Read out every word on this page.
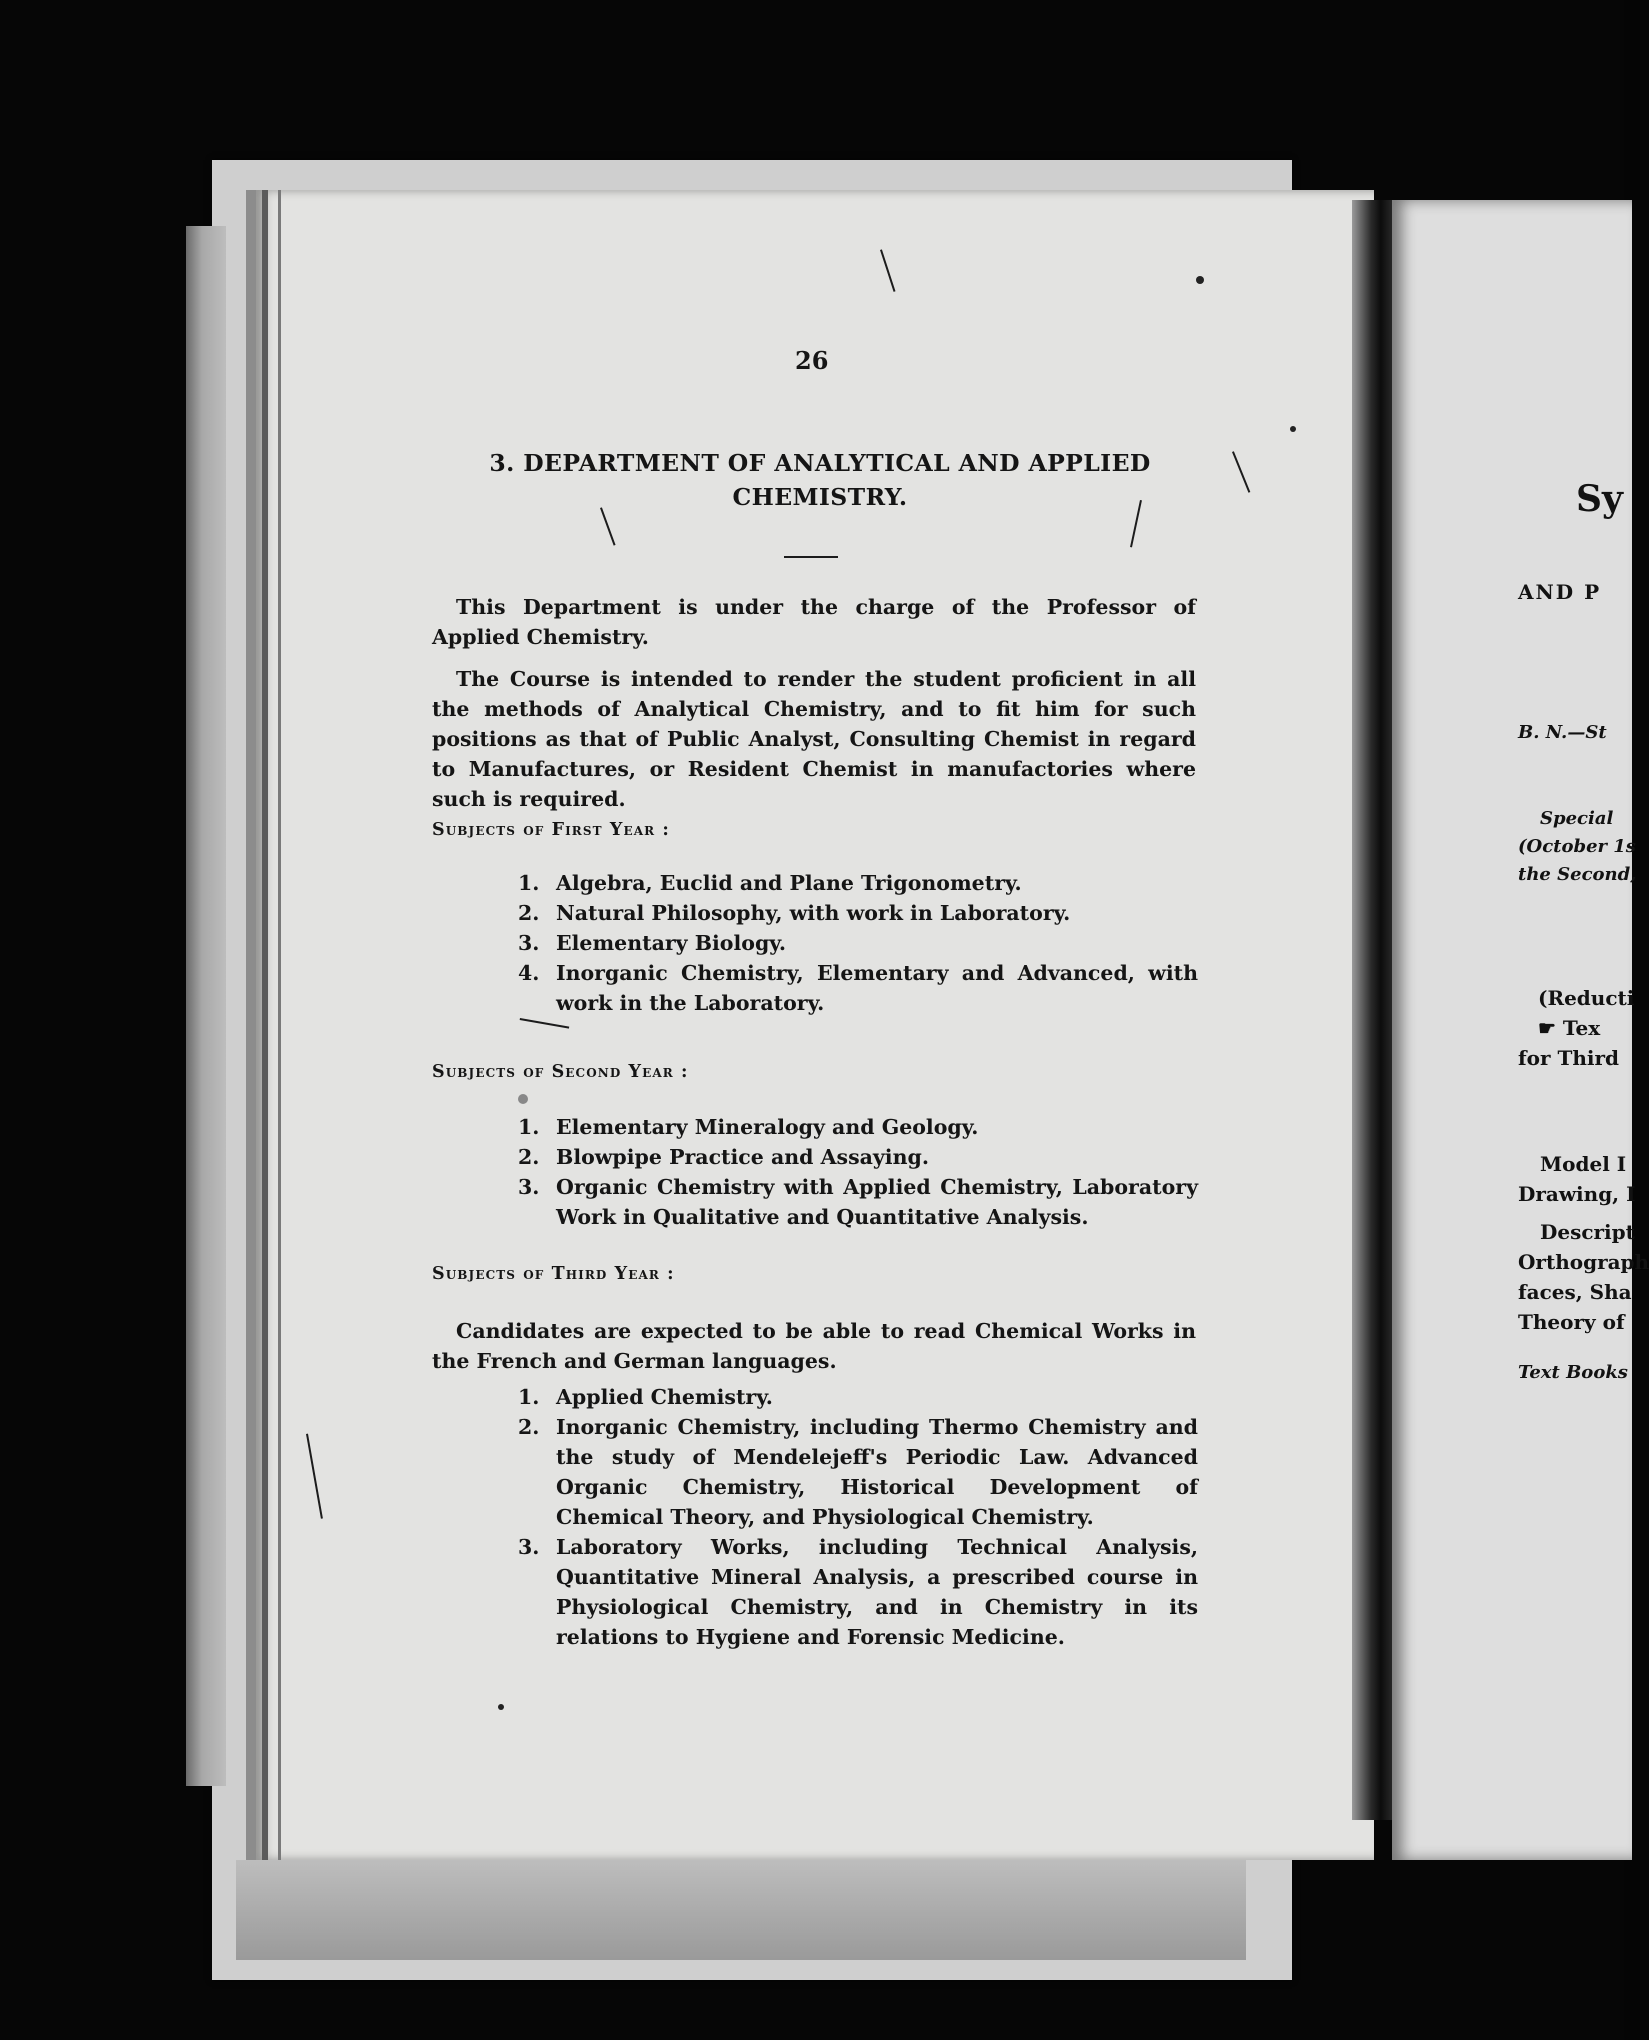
26
3. DEPARTMENT OF ANALYTICAL AND APPLIED
CHEMISTRY.
This Department is under the charge of the Professor of Applied Chemistry.
The Course is intended to render the student proficient in all the methods of Analytical Chemistry, and to fit him for such positions as that of Public Analyst, Consulting Chemist in regard to Manufactures, or Resident Chemist in manufactories where such is required.
Subjects of First Year :
1. Algebra, Euclid and Plane Trigonometry.
2. Natural Philosophy, with work in Laboratory.
3. Elementary Biology.
4. Inorganic Chemistry, Elementary and Advanced, with work in the Laboratory.
Subjects of Second Year :
1. Elementary Mineralogy and Geology.
2. Blowpipe Practice and Assaying.
3. Organic Chemistry with Applied Chemistry, Laboratory Work in Qualitative and Quantitative Analysis.
Subjects of Third Year :
Candidates are expected to be able to read Chemical Works in the French and German languages.
1. Applied Chemistry.
2. Inorganic Chemistry, including Thermo Chemistry and the study of Mendelejeff's Periodic Law. Advanced Organic Chemistry, Historical Development of Chemical Theory, and Physiological Chemistry.
3. Laboratory Works, including Technical Analysis, Quantitative Mineral Analysis, a prescribed course in Physiological Chemistry, and in Chemistry in its relations to Hygiene and Forensic Medicine.
Sy
AND P
B. N.—St
Special
(October 1s
the Second,
(Reducti
☛ Tex
for Third
Model I
Drawing, I
Descript
Orthograph
faces, Sha
Theory of
Text Books
